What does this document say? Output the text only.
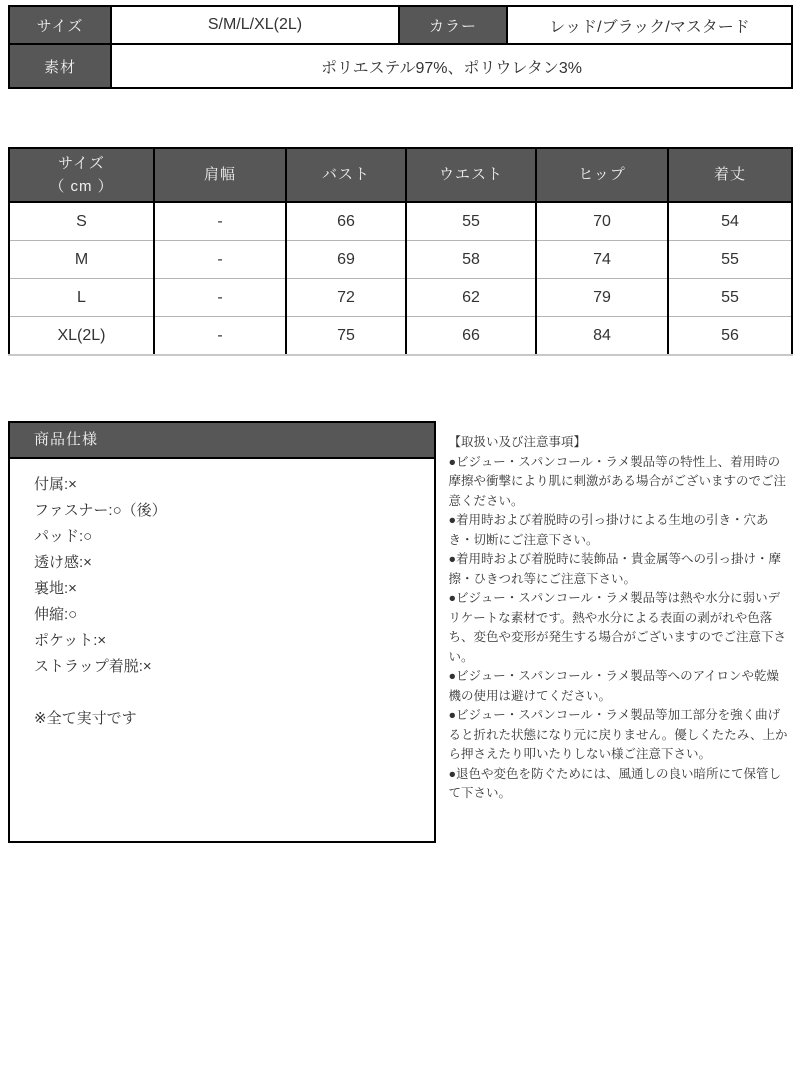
サイズ	S/M/L/XL(2L)	カラー	レッド/ブラック/マスタード
素材	ポリエステル97%、ポリウレタン3%		
サイズ
（ cm ）	肩幅	バスト	ウエスト	ヒップ	着丈
S	-	66	55	70	54
M	-	69	58	74	55
L	-	72	62	79	55
XL(2L)	-	75	66	84	56
商品仕様
付属:×
ファスナー:○（後）
パッド:○
透け感:×
裏地:×
伸縮:○
ポケット:×
ストラップ着脱:×
※全て実寸です

【取扱い及び注意事項】

●ビジュー・スパンコール・ラメ製品等の特性上、着用時の摩擦や衝撃により肌に刺激がある場合がございますのでご注意ください。

●着用時および着脱時の引っ掛けによる生地の引き・穴あき・切断にご注意下さい。

●着用時および着脱時に装飾品・貴金属等への引っ掛け・摩擦・ひきつれ等にご注意下さい。

●ビジュー・スパンコール・ラメ製品等は熱や水分に弱いデリケートな素材です。熱や水分による表面の剥がれや色落ち、変色や変形が発生する場合がございますのでご注意下さい。

●ビジュー・スパンコール・ラメ製品等へのアイロンや乾燥機の使用は避けてください。

●ビジュー・スパンコール・ラメ製品等加工部分を強く曲げると折れた状態になり元に戻りません。優しくたたみ、上から押さえたり叩いたりしない様ご注意下さい。

●退色や変色を防ぐためには、風通しの良い暗所にて保管して下さい。
